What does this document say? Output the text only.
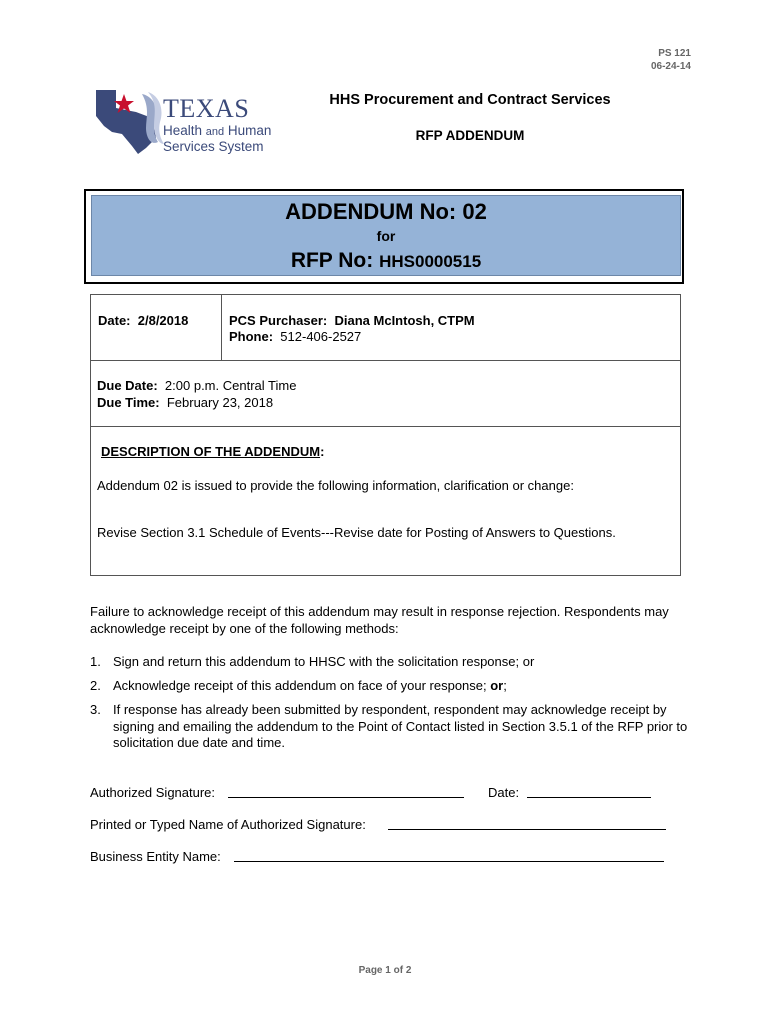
PS 121
06-24-14
TEXAS
Health and Human
Services System
HHS Procurement and Contract Services
RFP ADDENDUM
ADDENDUM No: 02
for
RFP No: HHS0000515
Date: 2/8/2018	PCS Purchaser: Diana McIntosh, CTPM
Phone: 512-406-2527
Due Date: 2:00 p.m. Central Time
Due Time: February 23, 2018
DESCRIPTION OF THE ADDENDUM:
Addendum 02 is issued to provide the following information, clarification or change:
Revise Section 3.1 Schedule of Events---Revise date for Posting of Answers to Questions.
Failure to acknowledge receipt of this addendum may result in response rejection. Respondents may acknowledge receipt by one of the following methods:
1. Sign and return this addendum to HHSC with the solicitation response; or
2. Acknowledge receipt of this addendum on face of your response; or;
3. If response has already been submitted by respondent, respondent may acknowledge receipt by signing and emailing the addendum to the Point of Contact listed in Section 3.5.1 of the RFP prior to solicitation due date and time.
Authorized Signature:	Date:
Printed or Typed Name of Authorized Signature:
Business Entity Name:
Page 1 of 2
